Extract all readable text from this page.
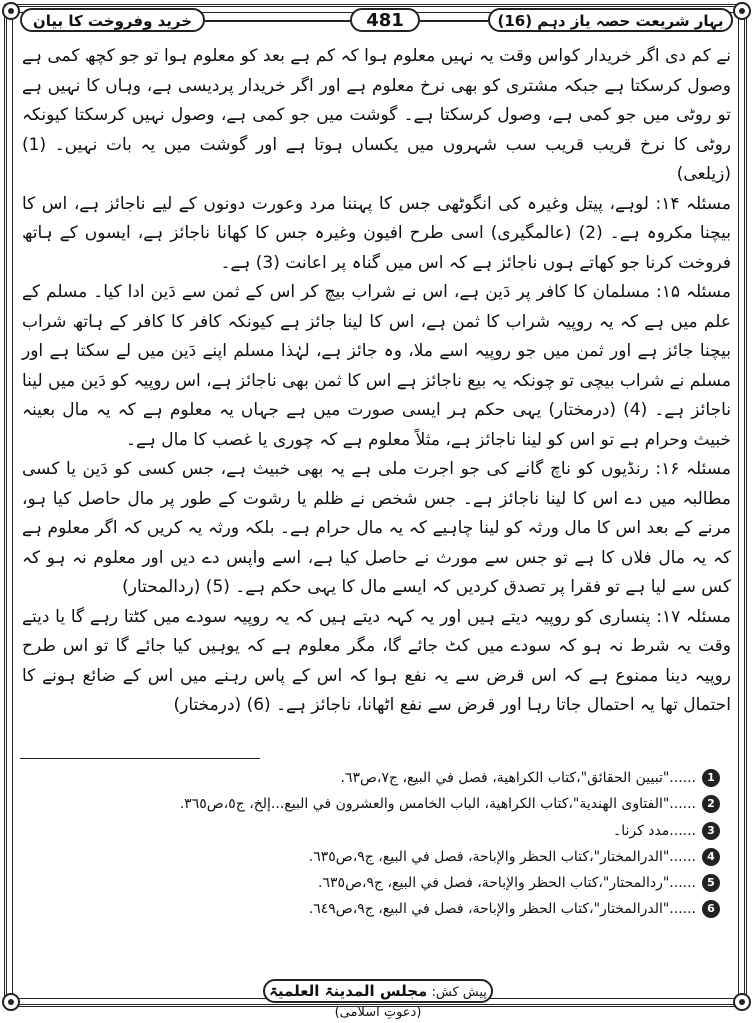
خرید وفروخت کا بیان	481	بہارِ شریعت حصہ یاز دہم (16)

نے کم دی اگر خریدار کواس وقت یہ نہیں معلوم ہوا کہ کم ہے بعد کو معلوم ہوا تو جو کچھ کمی ہے وصول کرسکتا ہے جبکہ مشتری کو بھی نرخ معلوم ہے اور اگر خریدار پردیسی ہے، وہاں کا نہیں ہے تو روٹی میں جو کمی ہے، وصول کرسکتا ہے۔ گوشت میں جو کمی ہے، وصول نہیں کرسکتا کیونکہ روٹی کا نرخ قریب قریب سب شہروں میں یکساں ہوتا ہے اور گوشت میں یہ بات نہیں۔ (1) (زیلعی)

مسئلہ ۱۴: لوہے، پیتل وغیرہ کی انگوٹھی جس کا پہننا مرد وعورت دونوں کے لیے ناجائز ہے، اس کا بیچنا مکروہ ہے۔ (2) (عالمگیری) اسی طرح افیون وغیرہ جس کا کھانا ناجائز ہے، ایسوں کے ہاتھ فروخت کرنا جو کھاتے ہوں ناجائز ہے کہ اس میں گناہ پر اعانت (3) ہے۔

مسئلہ ۱۵: مسلمان کا کافر پر دَین ہے، اس نے شراب بیچ کر اس کے ثمن سے دَین ادا کیا۔ مسلم کے علم میں ہے کہ یہ روپیہ شراب کا ثمن ہے، اس کا لینا جائز ہے کیونکہ کافر کا کافر کے ہاتھ شراب بیچنا جائز ہے اور ثمن میں جو روپیہ اسے ملا، وہ جائز ہے، لہٰذا مسلم اپنے دَین میں لے سکتا ہے اور مسلم نے شراب بیچی تو چونکہ یہ بیع ناجائز ہے اس کا ثمن بھی ناجائز ہے، اس روپیہ کو دَین میں لینا ناجائز ہے۔ (4) (درمختار) یہی حکم ہر ایسی صورت میں ہے جہاں یہ معلوم ہے کہ یہ مال بعینہ خبیث وحرام ہے تو اس کو لینا ناجائز ہے، مثلاً معلوم ہے کہ چوری یا غصب کا مال ہے۔

مسئلہ ۱۶: رنڈیوں کو ناچ گانے کی جو اجرت ملی ہے یہ بھی خبیث ہے، جس کسی کو دَین یا کسی مطالبہ میں دے اس کا لینا ناجائز ہے۔ جس شخص نے ظلم یا رشوت کے طور پر مال حاصل کیا ہو، مرنے کے بعد اس کا مال ورثہ کو لینا چاہیے کہ یہ مال حرام ہے۔ بلکہ ورثہ یہ کریں کہ اگر معلوم ہے کہ یہ مال فلاں کا ہے تو جس سے مورث نے حاصل کیا ہے، اسے واپس دے دیں اور معلوم نہ ہو کہ کس سے لیا ہے تو فقرا پر تصدق کردیں کہ ایسے مال کا یہی حکم ہے۔ (5) (ردالمحتار)

مسئلہ ۱۷: پنساری کو روپیہ دیتے ہیں اور یہ کہہ دیتے ہیں کہ یہ روپیہ سودے میں کٹتا رہے گا یا دیتے وقت یہ شرط نہ ہو کہ سودے میں کٹ جائے گا، مگر معلوم ہے کہ یوہیں کیا جائے گا تو اس طرح روپیہ دینا ممنوع ہے کہ اس قرض سے یہ نفع ہوا کہ اس کے پاس رہنے میں اس کے ضائع ہونے کا احتمال تھا یہ احتمال جاتا رہا اور قرض سے نفع اٹھانا، ناجائز ہے۔ (6) (درمختار)

1......"تبيين الحقائق"،كتاب الكراهية، فصل في البيع، ج٧،ص٦٣.
2......"الفتاوى الهندية"،كتاب الكراهية، الباب الخامس والعشرون في البيع...إلخ، ج٥،ص٣٦٥.
3......مدد کرنا۔
4......"الدرالمختار"،كتاب الحظر والإباحة، فصل في البيع، ج٩،ص٦٣٥.
5......"ردالمحتار"،كتاب الحظر والإباحة، فصل في البيع، ج٩،ص٦٣٥.
6......"الدرالمختار"،كتاب الحظر والإباحة، فصل في البيع، ج٩،ص٦٤٩.
پیش کش: مجلس المدینۃ العلمیۃ (دعوتِ اسلامی)
